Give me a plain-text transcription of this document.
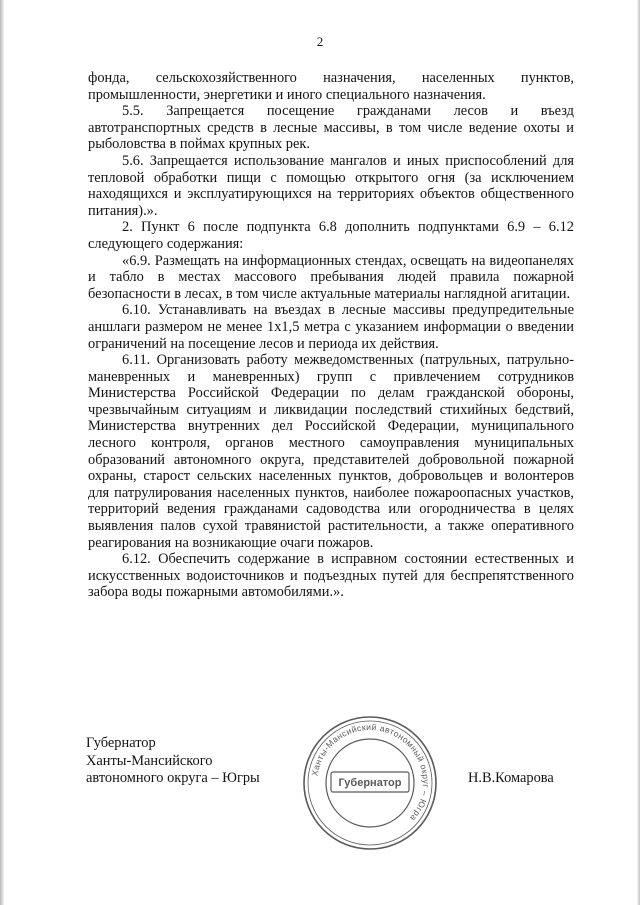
2

фонда, сельскохозяйственного назначения, населенных пунктов, промышленности, энергетики и иного специального назначения.

5.5. Запрещается посещение гражданами лесов и въезд автотранспортных средств в лесные массивы, в том числе ведение охоты и рыболовства в поймах крупных рек.

5.6. Запрещается использование мангалов и иных приспособлений для тепловой обработки пищи с помощью открытого огня (за исключением находящихся и эксплуатирующихся на территориях объектов общественного питания).».

2. Пункт 6 после подпункта 6.8 дополнить подпунктами 6.9 – 6.12 следующего содержания:

«6.9. Размещать на информационных стендах, освещать на видеопанелях и табло в местах массового пребывания людей правила пожарной безопасности в лесах, в том числе актуальные материалы наглядной агитации.

6.10. Устанавливать на въездах в лесные массивы предупредительные аншлаги размером не менее 1х1,5 метра с указанием информации о введении ограничений на посещение лесов и периода их действия.

6.11. Организовать работу межведомственных (патрульных, патрульно-маневренных и маневренных) групп с привлечением сотрудников Министерства Российской Федерации по делам гражданской обороны, чрезвычайным ситуациям и ликвидации последствий стихийных бедствий, Министерства внутренних дел Российской Федерации, муниципального лесного контроля, органов местного самоуправления муниципальных образований автономного округа, представителей добровольной пожарной охраны, старост сельских населенных пунктов, добровольцев и волонтеров для патрулирования населенных пунктов, наиболее пожароопасных участков, территорий ведения гражданами садоводства или огородничества в целях выявления палов сухой травянистой растительности, а также оперативного реагирования на возникающие очаги пожаров.

6.12. Обеспечить содержание в исправном состоянии естественных и искусственных водоисточников и подъездных путей для беспрепятственного забора воды пожарными автомобилями.».

Губернатор
Ханты-Мансийского
автономного округа – Югры	Ханты-Мансийский автономный округ – Югра
Губернатор	Н.В.Комарова
